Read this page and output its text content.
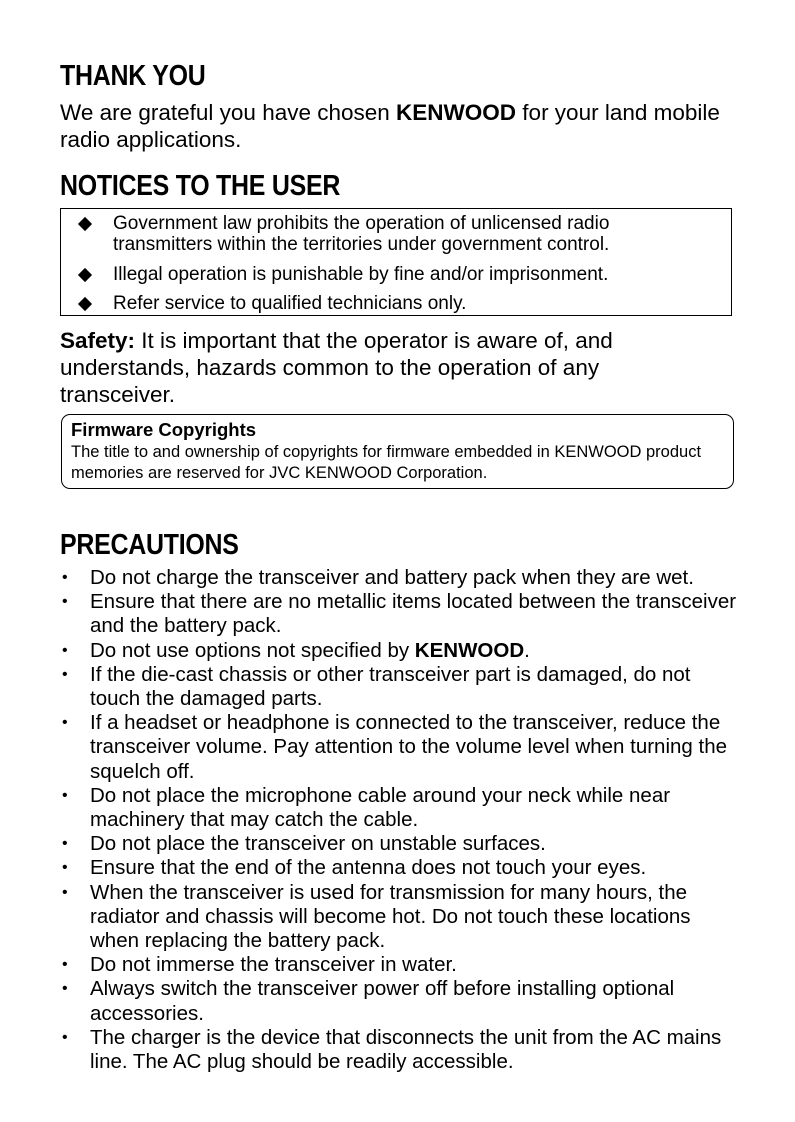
THANK YOU

We are grateful you have chosen KENWOOD for your land mobile radio applications.

NOTICES TO THE USER
Government law prohibits the operation of unlicensed radio transmitters within the territories under government control.
Illegal operation is punishable by fine and/or imprisonment.
Refer service to qualified technicians only.

Safety: It is important that the operator is aware of, and understands, hazards common to the operation of any transceiver.

Firmware Copyrights
The title to and ownership of copyrights for firmware embedded in KENWOOD product memories are reserved for JVC KENWOOD Corporation.
PRECAUTIONS
• Do not charge the transceiver and battery pack when they are wet.
• Ensure that there are no metallic items located between the transceiver and the battery pack.
• Do not use options not specified by KENWOOD.
• If the die-cast chassis or other transceiver part is damaged, do not touch the damaged parts.
• If a headset or headphone is connected to the transceiver, reduce the transceiver volume. Pay attention to the volume level when turning the squelch off.
• Do not place the microphone cable around your neck while near machinery that may catch the cable.
• Do not place the transceiver on unstable surfaces.
• Ensure that the end of the antenna does not touch your eyes.
• When the transceiver is used for transmission for many hours, the radiator and chassis will become hot. Do not touch these locations when replacing the battery pack.
• Do not immerse the transceiver in water.
• Always switch the transceiver power off before installing optional accessories.
• The charger is the device that disconnects the unit from the AC mains line. The AC plug should be readily accessible.
